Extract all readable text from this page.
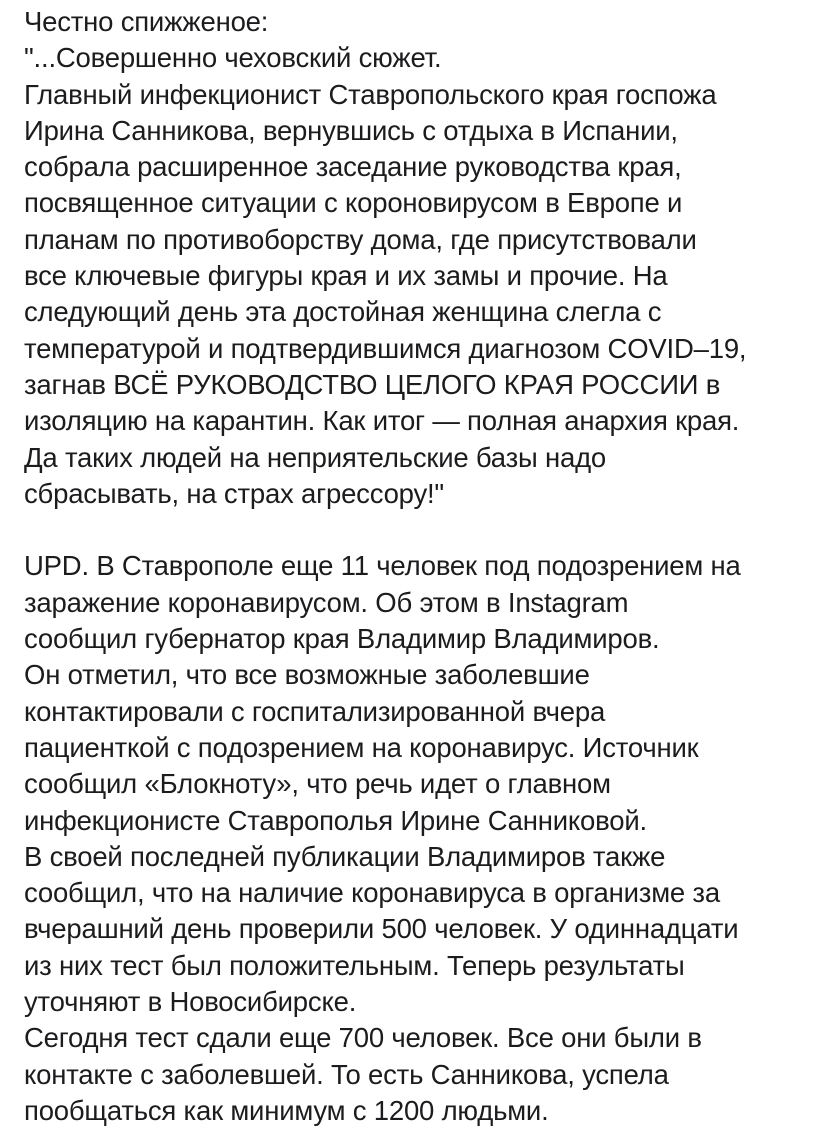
Честно спижженое:
"...Совершенно чеховский сюжет.
Главный инфекционист Ставропольского края госпожа
Ирина Санникова, вернувшись с отдыха в Испании,
собрала расширенное заседание руководства края,
посвященное ситуации с короновирусом в Европе и
планам по противоборству дома, где присутствовали
все ключевые фигуры края и их замы и прочие. На
следующий день эта достойная женщина слегла с
температурой и подтвердившимся диагнозом COVID–19,
загнав ВСЁ РУКОВОДСТВО ЦЕЛОГО КРАЯ РОССИИ в
изоляцию на карантин. Как итог — полная анархия края.
Да таких людей на неприятельские базы надо
сбрасывать, на страх агрессору!"
UPD. В Ставрополе еще 11 человек под подозрением на
заражение коронавирусом. Об этом в Instagram
сообщил губернатор края Владимир Владимиров.
Он отметил, что все возможные заболевшие
контактировали с госпитализированной вчера
пациенткой с подозрением на коронавирус. Источник
сообщил «Блокноту», что речь идет о главном
инфекционисте Ставрополья Ирине Санниковой.
В своей последней публикации Владимиров также
сообщил, что на наличие коронавируса в организме за
вчерашний день проверили 500 человек. У одиннадцати
из них тест был положительным. Теперь результаты
уточняют в Новосибирске.
Сегодня тест сдали еще 700 человек. Все они были в
контакте с заболевшей. То есть Санникова, успела
пообщаться как минимум с 1200 людьми.
